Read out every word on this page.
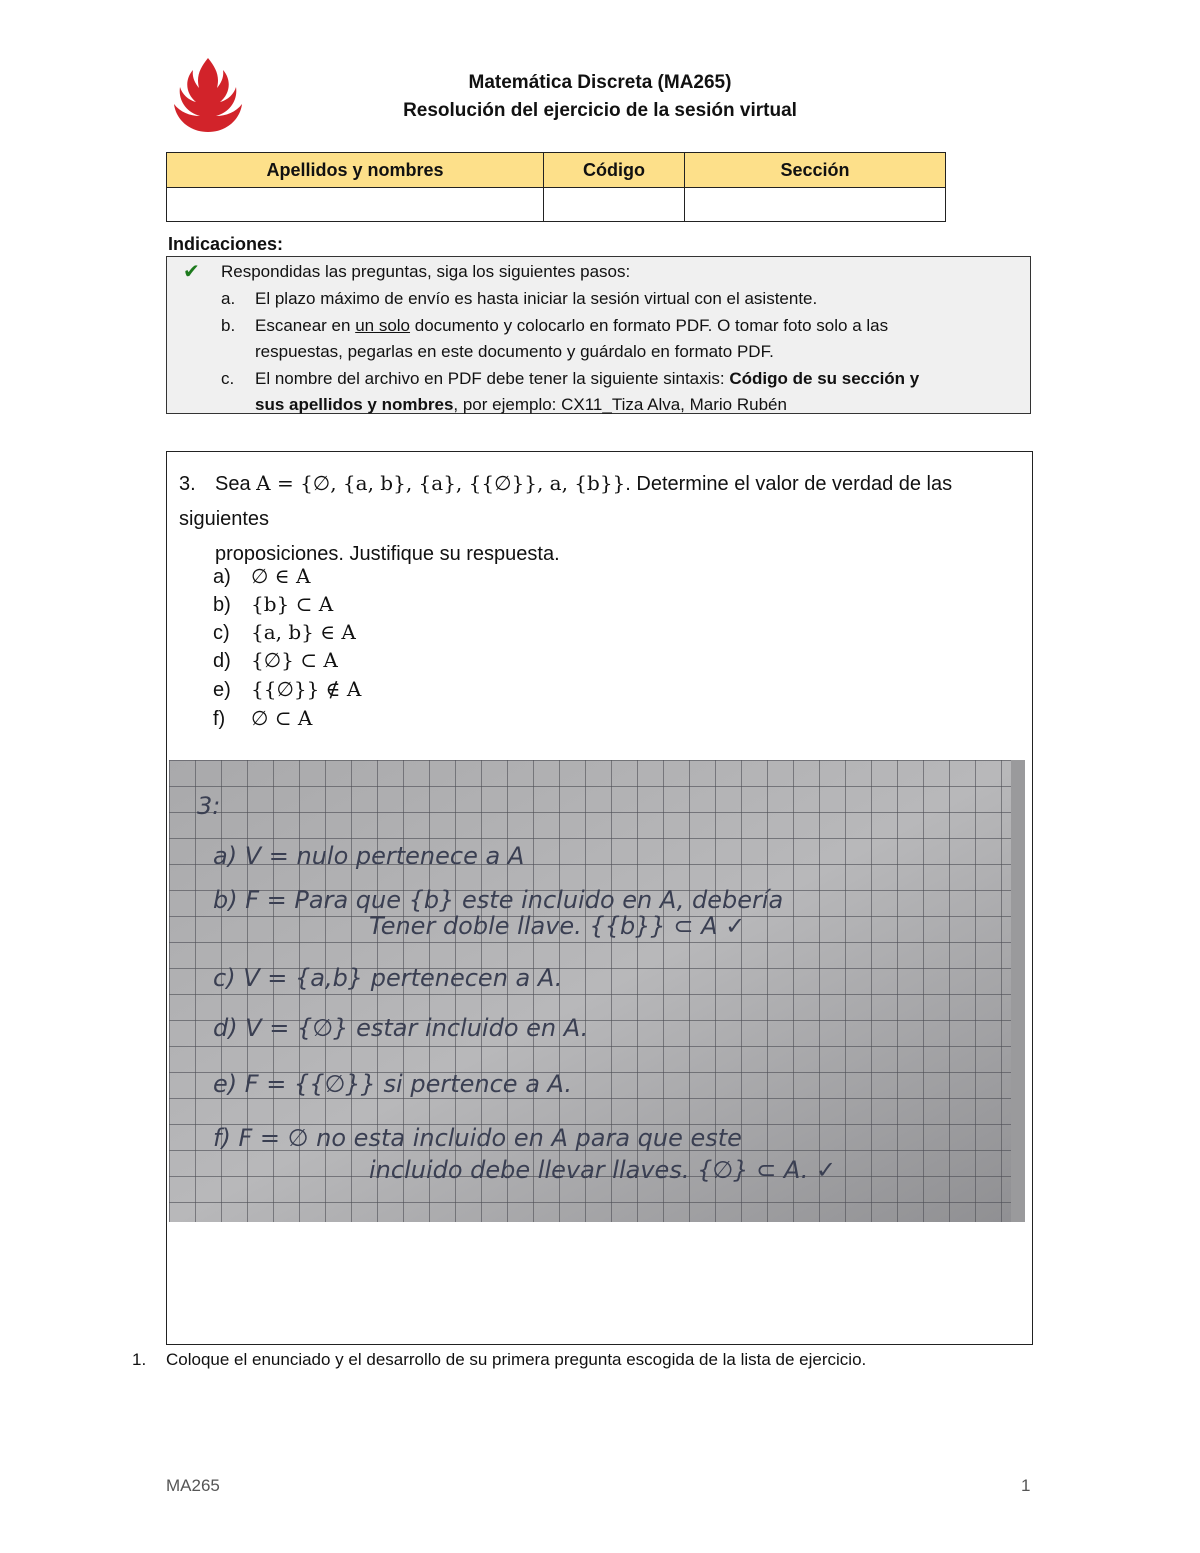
Matemática Discreta (MA265)
Resolución del ejercicio de la sesión virtual
Apellidos y nombres	Código	Sección

Indicaciones:
✔ Respondidas las preguntas, siga los siguientes pasos:
a. El plazo máximo de envío es hasta iniciar la sesión virtual con el asistente.
b. Escanear en un solo documento y colocarlo en formato PDF. O tomar foto solo a las
respuestas, pegarlas en este documento y guárdalo en formato PDF.
c. El nombre del archivo en PDF debe tener la siguiente sintaxis: Código de su sección y
sus apellidos y nombres, por ejemplo: CX11_Tiza Alva, Mario Rubén
3. Sea A = {∅, {a, b}, {a}, {{∅}}, a, {b}}. Determine el valor de verdad de las siguientes
proposiciones. Justifique su respuesta.
a) ∅ ∈ A
b) {b} ⊂ A
c) {a, b} ∈ A
d) {∅} ⊂ A
e) {{∅}} ∉ A
f) ∅ ⊂ A
3:
a) V = nulo pertenece a A
b) F = Para que {b} este incluido en A, debería
Tener doble llave. {{b}} ⊂ A ✓
c) V = {a,b} pertenecen a A.
d) V = {∅} estar incluido en A.
e) F = {{∅}} si pertence a A.
f) F = ∅ no esta incluido en A para que este
incluido debe llevar llaves. {∅} ⊂ A. ✓
1. Coloque el enunciado y el desarrollo de su primera pregunta escogida de la lista de ejercicio.
MA265	1
